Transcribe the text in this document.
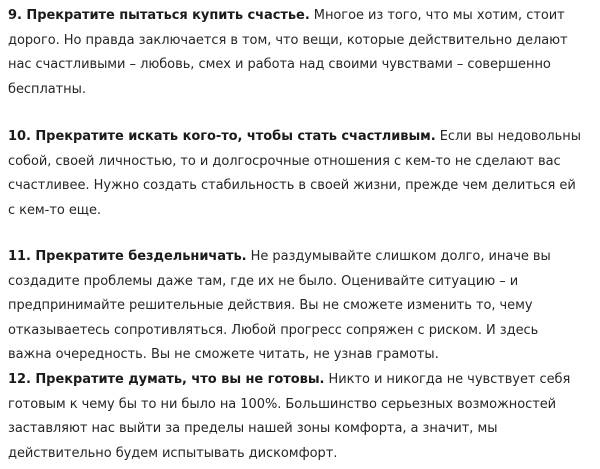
9. Прекратите пытаться купить счастье. Многое из того, что мы хотим, стоит
дорого. Но правда заключается в том, что вещи, которые действительно делают
нас счастливыми – любовь, смех и работа над своими чувствами – совершенно
бесплатны.

10. Прекратите искать кого-то, чтобы стать счастливым. Если вы недовольны
собой, своей личностью, то и долгосрочные отношения с кем-то не сделают вас
счастливее. Нужно создать стабильность в своей жизни, прежде чем делиться ей
с кем-то еще.

11. Прекратите бездельничать. Не раздумывайте слишком долго, иначе вы
создадите проблемы даже там, где их не было. Оценивайте ситуацию – и
предпринимайте решительные действия. Вы не сможете изменить то, чему
отказываетесь сопротивляться. Любой прогресс сопряжен с риском. И здесь
важна очередность. Вы не сможете читать, не узнав грамоты.

12. Прекратите думать, что вы не готовы. Никто и никогда не чувствует себя
готовым к чему бы то ни было на 100%. Большинство серьезных возможностей
заставляют нас выйти за пределы нашей зоны комфорта, а значит, мы
действительно будем испытывать дискомфорт.
